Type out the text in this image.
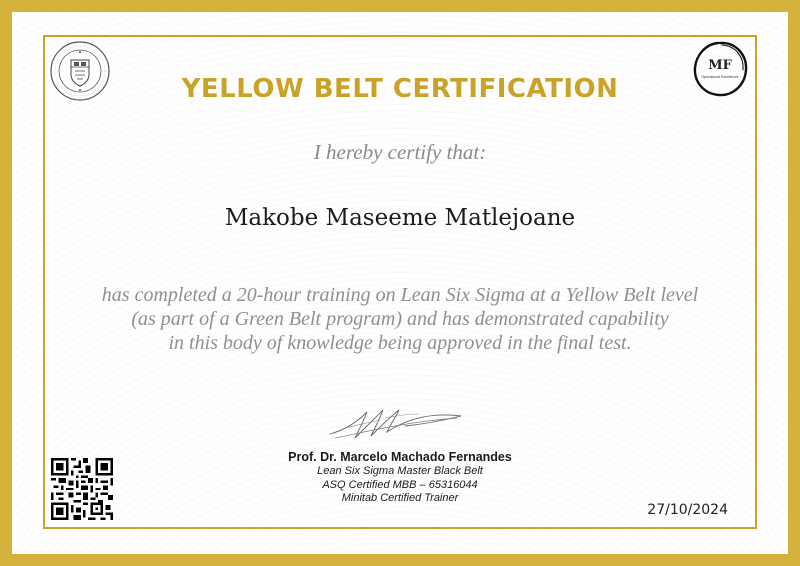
MF
Operational Excellence
YELLOW BELT CERTIFICATION
I hereby certify that:
Makobe Maseeme Matlejoane
has completed a 20-hour training on Lean Six Sigma at a Yellow Belt level
(as part of a Green Belt program) and has demonstrated capability
in this body of knowledge being approved in the final test.
Prof. Dr. Marcelo Machado Fernandes
Lean Six Sigma Master Black Belt
ASQ Certified MBB – 65316044
Minitab Certified Trainer
27/10/2024
